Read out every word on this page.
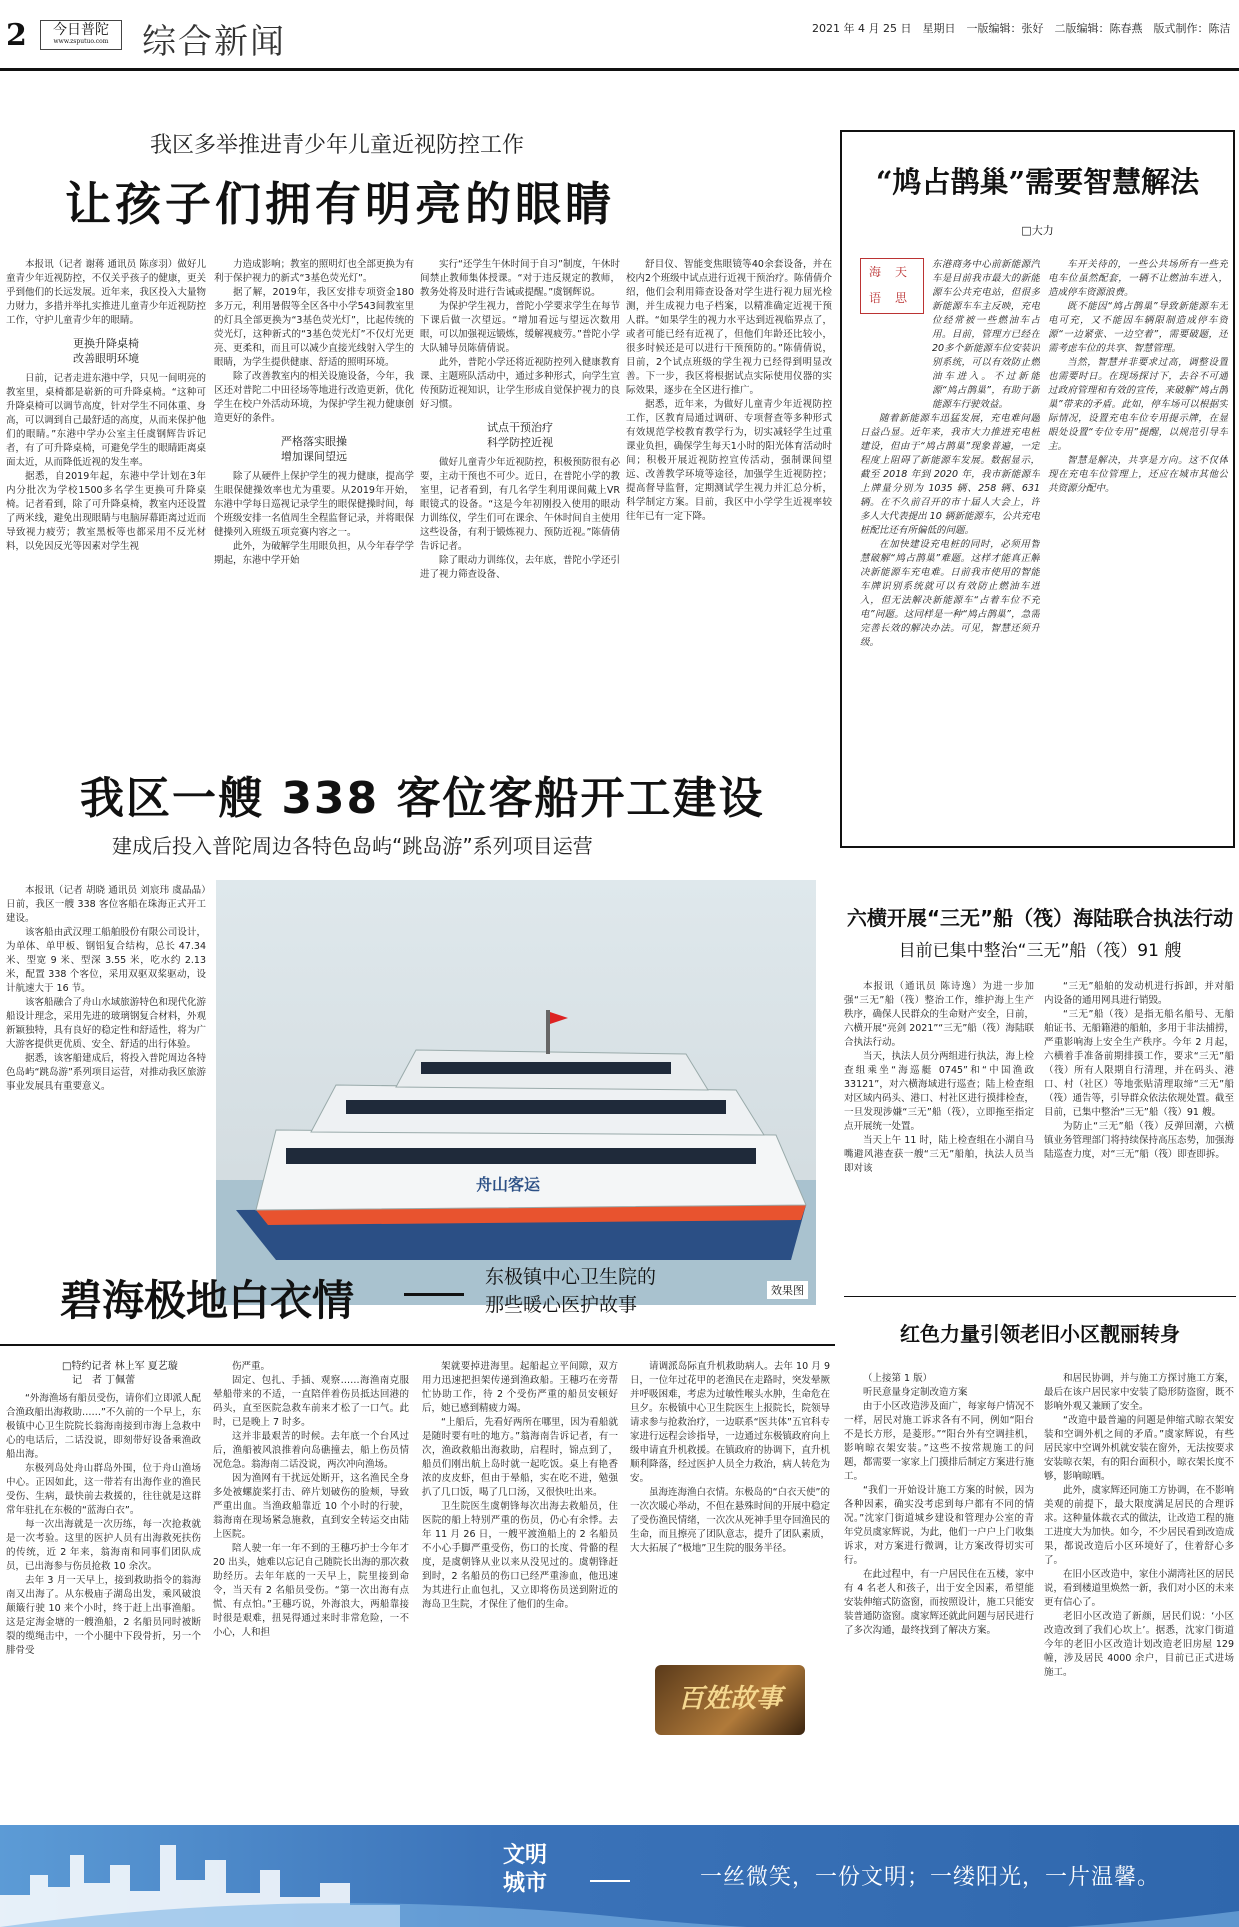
2	今日普陀
www.zsputuo.com 综合新闻	2021 年 4 月 25 日　星期日　一版编辑：张好　二版编辑：陈春燕　版式制作：陈洁
我区多举推进青少年儿童近视防控工作
让孩子们拥有明亮的眼睛

本报讯（记者 谢蒋 通讯员 陈彦羽）做好儿童青少年近视防控，不仅关乎孩子的健康，更关乎到他们的长远发展。近年来，我区投入大量物力财力，多措并举扎实推进儿童青少年近视防控工作，守护儿童青少年的眼睛。

更换升降桌椅
改善眼明环境

日前，记者走进东港中学，只见一间明亮的教室里，桌椅都是崭新的可升降桌椅。“这种可升降桌椅可以调节高度，针对学生不同体重、身高，可以调到自己最舒适的高度，从而来保护他们的眼睛。”东港中学办公室主任虞钢辉告诉记者，有了可升降桌椅，可避免学生的眼睛距离桌面太近，从而降低近视的发生率。

据悉，自2019年起，东港中学计划在3年内分批次为学校1500多名学生更换可升降桌椅。记者看到，除了可升降桌椅，教室内还设置了两米线，避免出现眼睛与电脑屏幕距离过近而导致视力疲劳；教室黑板等也都采用不反光材料，以免因反光等因素对学生视

力造成影响；教室的照明灯也全部更换为有利于保护视力的新式“3基色荧光灯”。

据了解，2019年，我区安排专项资金180多万元，利用暑假等全区各中小学543间教室里的灯具全部更换为“3基色荧光灯”，比起传统的荧光灯，这种新式的“3基色荧光灯”不仅灯光更亮、更柔和，而且可以减少直接光线射入学生的眼睛，为学生提供健康、舒适的照明环境。

除了改善教室内的相关设施设备，今年，我区还对普陀二中田径场等地进行改造更新，优化学生在校户外活动环境，为保护学生视力健康创造更好的条件。

严格落实眼操
增加课间望远

除了从硬件上保护学生的视力健康，提高学生眼保健操效率也尤为重要。从2019年开始，东港中学每日巡视记录学生的眼保健操时间，每个班级安排一名值周生全程监督记录，并将眼保健操列入班级五项竞赛内容之一。

此外，为破解学生用眼负担，从今年春学学期起，东港中学开始

实行“还学生午休时间于自习”制度，午休时间禁止教师集体授课。“对于违反规定的教师，教务处将及时进行告诫或提醒。”虞钢辉说。

为保护学生视力，普陀小学要求学生在每节下课后做一次望远。“增加看远与望远次数用眼，可以加强视远锻炼，缓解视疲劳。”普陀小学大队辅导员陈倩倩说。

此外，普陀小学还将近视防控列入健康教育课、主题班队活动中，通过多种形式，向学生宣传预防近视知识，让学生形成自觉保护视力的良好习惯。

试点干预治疗
科学防控近视

做好儿童青少年近视防控，积极预防很有必要，主动干预也不可少。近日，在普陀小学的教室里，记者看到，有几名学生利用课间戴上VR眼镜式的设备。“这是今年初刚投入使用的眼动力训练仪，学生们可在课余、午休时间自主使用这些设备，有利于锻炼视力、预防近视。”陈倩倩告诉记者。

除了眼动力训练仪，去年底，普陀小学还引进了视力筛查设备、

舒目仪、智能变焦眼镜等40余套设备，并在校内2个班级中试点进行近视干预治疗。陈倩倩介绍，他们会利用筛查设备对学生进行视力屈光检测，并生成视力电子档案，以精准确定近视干预人群。“如果学生的视力水平达到近视临界点了，或者可能已经有近视了，但他们年龄还比较小，很多时候还是可以进行干预预防的。”陈倩倩说，目前，2个试点班级的学生视力已经得到明显改善。下一步，我区将根据试点实际使用仪器的实际效果，逐步在全区进行推广。

据悉，近年来，为做好儿童青少年近视防控工作，区教育局通过调研、专项督查等多种形式有效规范学校教育教学行为，切实减轻学生过重课业负担，确保学生每天1小时的阳光体育活动时间；积极开展近视防控宣传活动，强制课间望远、改善教学环境等途径，加强学生近视防控；提高督导监督，定期测试学生视力并汇总分析，科学制定方案。目前，我区中小学学生近视率较往年已有一定下降。

“鸠占鹊巢”需要智慧解法
□大力

东港商务中心前新能源汽车是目前我市最大的新能源车公共充电站，但很多新能源车车主反映，充电位经常被一些燃油车占用。目前，管理方已经在20多个新能源车位安装识别系统，可以有效防止燃油车进入。不过新能源“鸠占鹊巢”，有助于新能源车行驶效益。

随着新能源车迅猛发展，充电难问题日益凸显。近年来，我市大力推进充电桩建设，但由于“鸠占鹊巢”现象普遍，一定程度上阻碍了新能源车发展。数据显示，截至 2018 年到 2020 年，我市新能源车上牌量分别为 1035 辆、258 辆、631 辆。在不久前召开的市十届人大会上，许多人大代表提出 10 辆新能源车，公共充电桩配比还有所偏低的问题。

在加快建设充电桩的同时，必须用智慧破解“鸠占鹊巢”难题。这样才能真正解决新能源车充电难。日前我市使用的智能车牌识别系统就可以有效防止燃油车进入，但无法解决新能源车“占着车位不充电”问题。这同样是一种“鸠占鹊巢”，急需完善长效的解决办法。可见，智慧还须升级。

海天语思

车开关待的，一些公共场所有一些充电车位虽然配套，一辆不让燃油车进入，造成停车资源浪费。

既不能因“鸠占鹊巢”导致新能源车无电可充，又不能因车辆限制造成停车资源“一边紧张、一边空着”，需要破题，还需考虑车位的共享、智慧管理。

当然，智慧并非要求过高，调整设置也需要时日。在现场探讨下，去谷不可通过政府管理和有效的宣传，来破解“鸠占鹊巢”带来的矛盾。此如，停车场可以根据实际情况，设置充电车位专用提示牌，在显眼处设置“专位专用”提醒，以规范引导车主。

智慧是解决，共享是方向。这不仅体现在充电车位管理上，还应在城市其他公共资源分配中。

我区一艘 338 客位客船开工建设
建成后投入普陀周边各特色岛屿“跳岛游”系列项目运营

本报讯（记者 胡晓 通讯员 刘宸玮 虞晶晶）日前，我区一艘 338 客位客船在珠海正式开工建设。

该客船由武汉理工船舶股份有限公司设计，为单体、单甲板、钢铝复合结构，总长 47.34 米、型宽 9 米、型深 3.55 米，吃水约 2.13 米，配置 338 个客位，采用双驱双桨驱动，设计航速大于 16 节。

该客船融合了舟山水域旅游特色和现代化游船设计理念，采用先进的玻璃钢复合材料，外观新颖独特，具有良好的稳定性和舒适性，将为广大游客提供更优质、安全、舒适的出行体验。

据悉，该客船建成后，将投入普陀周边各特色岛屿“跳岛游”系列项目运营，对推动我区旅游事业发展具有重要意义。

舟山客运
效果图
六横开展“三无”船（筏）海陆联合执法行动
目前已集中整治“三无”船（筏）91 艘

本报讯（通讯员 陈诗逸）为进一步加强“三无”船（筏）整治工作，维护海上生产秩序，确保人民群众的生命财产安全，日前，六横开展“亮剑 2021”“三无”船（筏）海陆联合执法行动。

当天，执法人员分两组进行执法，海上检查组乘坐“海巡艇 0745”和“中国渔政 33121”，对六横海域进行巡查；陆上检查组对区域内码头、港口、村社区进行摸排检查，一旦发现涉嫌“三无”船（筏），立即拖至指定点开展统一处置。

当天上午 11 时，陆上检查组在小湖自马嘴避风港查获一艘“三无”船舶，执法人员当即对该

“三无”船舶的发动机进行拆卸，并对船内设备的通用网具进行销毁。

“三无”船（筏）是指无船名船号、无船舶证书、无船籍港的船舶，多用于非法捕捞，严重影响海上安全生产秩序。今年 2 月起，六横着手准备前期排摸工作，要求“三无”船（筏）所有人限期自行清理，并在码头、港口、村（社区）等地张贴清理取缔“三无”船（筏）通告等，引导群众依法依规处置。截至目前，已集中整治“三无”船（筏）91 艘。

为防止“三无”船（筏）反弹回潮，六横镇业务管理部门将持续保持高压态势，加强海陆巡查力度，对“三无”船（筏）即查即拆。

碧海极地白衣情	东极镇中心卫生院的
那些暖心医护故事
□特约记者 林上军 夏艺璇
　记　者 丁佩蕾

“外海渔场有船员受伤，请你们立即派人配合渔政船出海救助……”不久前的一个早上，东极镇中心卫生院院长翁海南接到市海上急救中心的电话后，二话没说，即刻带好设备乘渔政船出海。

东极列岛处舟山群岛外围，位于舟山渔场中心。正因如此，这一带若有出海作业的渔民受伤、生病，最快前去救援的，往往就是这群常年驻扎在东极的“蓝海白衣”。

每一次出海就是一次历练，每一次抢救就是一次考验。这里的医护人员有出海救死扶伤的传统，近 2 年来，翁海南和同事们团队成员，已出海参与伤员抢救 10 余次。

去年 3 月一天早上，接到救助指令的翁海南又出海了。从东极庙子湖岛出发，乘风破浪颠簸行驶 10 来个小时，终于赶上出事渔船。这是定海金塘的一艘渔船，2 名船员同时被断裂的缆绳击中，一个小腿中下段骨折，另一个腓骨受

伤严重。

固定、包扎、手插、观察……海渔南克服晕船带来的不适，一直陪伴着伤员抵达回港的码头，直至医院急救车前来才松了一口气。此时，已是晚上 7 时多。

这并非最艰苦的时候。去年底一个台风过后，渔船被风浪推着向岛礁撞去，船上伤员情况危急。翁海南二话没说，两次冲向渔场。

因为渔网有干扰远处断开，这名渔民全身多处被螺旋桨打击、碎片划破伤的脸颊，导致严重出血。当渔政船靠近 10 个小时的行驶，翁海南在现场紧急施救，直到安全转运交由陆上医院。

陪人驶一年一年不到的王穗巧护士今年才 20 出头，她难以忘记自己随院长出海的那次救助经历。去年年底的一天早上，院里接到命令，当天有 2 名船员受伤。“第一次出海有点慌、有点怕。”王穗巧说，外海浪大，两船靠接时很是艰难，扭晃得通过来时非常危险，一不小心，人和担

架就要掉进海里。起船起立平间隙，双方用力迅速把担架传递到渔政船。王穗巧在旁帮忙协助工作，待 2 个受伤严重的船员安顿好后，她已感到精疲力竭。

“上船后，先看好两所在哪里，因为看船就是随时要有吐的地方。”翁海南告诉记者，有一次，渔政救船出海救助，启程时，锦点到了，船员们刚出航上岛时就一起吃饭。桌上有艳香浓的皮皮虾，但由于晕船，实在吃不进，勉强扒了几口饭，喝了几口汤，又很快吐出来。

卫生院医生虞朝锋每次出海去救船员，住医院的船上特别严重的伤员，仍心有余悸。去年 11 月 26 日，一艘平渡渔船上的 2 名船员不小心手脚严重受伤，伤口的长度、骨骼的程度，是虞朝锋从业以来从没见过的。虞朝锋赶到时，2 名船员的伤口已经严重渗血，他迅速为其进行止血包扎，又立即将伤员送到附近的海岛卫生院，才保住了他们的生命。

请调派岛际直升机救助病人。去年 10 月 9 日，一位年过花甲的老渔民在走路时，突发晕厥并呼吸困难，考虑为过敏性喉头水肿，生命危在旦夕。东极镇中心卫生院医生上报院长，院领导请求参与抢救治疗，一边联系“医共体”五官科专家进行远程会诊指导，一边通过东极镇政府向上级申请直升机救援。在镇政府的协调下，直升机顺利降落，经过医护人员全力救治，病人转危为安。

虽海连海渔白衣情。东极岛的“白衣天使”的一次次暖心举动，不但在悬殊时间的开展中稳定了受伤渔民情绪，一次次从死神手里夺回渔民的生命，而且擦亮了团队意志，提升了团队素质，大大拓展了“极地”卫生院的服务半径。

百姓故事
红色力量引领老旧小区靓丽转身

（上接第 1 版）

听民意量身定制改造方案

由于小区改造涉及面广，每家每户情况不一样，居民对施工诉求各有不同，例如“阳台不是长方形，是菱形。”“阳台外有空调挂机，影响晾衣架安装。”这些不按常规施工的问题，都需要一家家上门摸排后制定方案进行施工。

“我们一开始设计施工方案的时候，因为各种因素，确实没考虑到每户都有不同的情况。”沈家门街道城乡建设和管理办公室的青年党员虞家辉说，为此，他们一户户上门收集诉求，对方案进行微调，让方案改得切实可行。

在此过程中，有一户居民住在五楼，家中有 4 名老人和孩子，出于安全因素，希望能安装伸缩式防盗窗，而按照设计，施工只能安装普通防盗窗。虞家辉还就此问题与居民进行了多次沟通，最终找到了解决方案。

和居民协调，并与施工方探讨施工方案，最后在该户居民家中安装了隐形防盗窗，既不影响外观又兼顾了安全。

“改造中最普遍的问题是伸缩式晾衣架安装和空调外机之间的矛盾。”虞家辉说，有些居民家中空调外机就安装在窗外，无法按要求安装晾衣架，有的阳台面积小，晾衣架长度不够，影响晾晒。

此外，虞家辉还同施工方协调，在不影响美观的前提下，最大限度满足居民的合理诉求。这种量体裁衣式的做法，让改造工程的施工进度大为加快。如今，不少居民看到改造成果，都说改造后小区环境好了，住着舒心多了。

在旧小区改造中，家住小湖湾社区的居民说，看到楼道里焕然一新，我们对小区的未来更有信心了。

老旧小区改造了新颜，居民们说：‘小区改造改到了我们心坎上’。据悉，沈家门街道今年的老旧小区改造计划改造老旧房屋 129 幢，涉及居民 4000 余户，目前已正式进场施工。

文明
城市	一丝微笑，一份文明；一缕阳光，一片温馨。
